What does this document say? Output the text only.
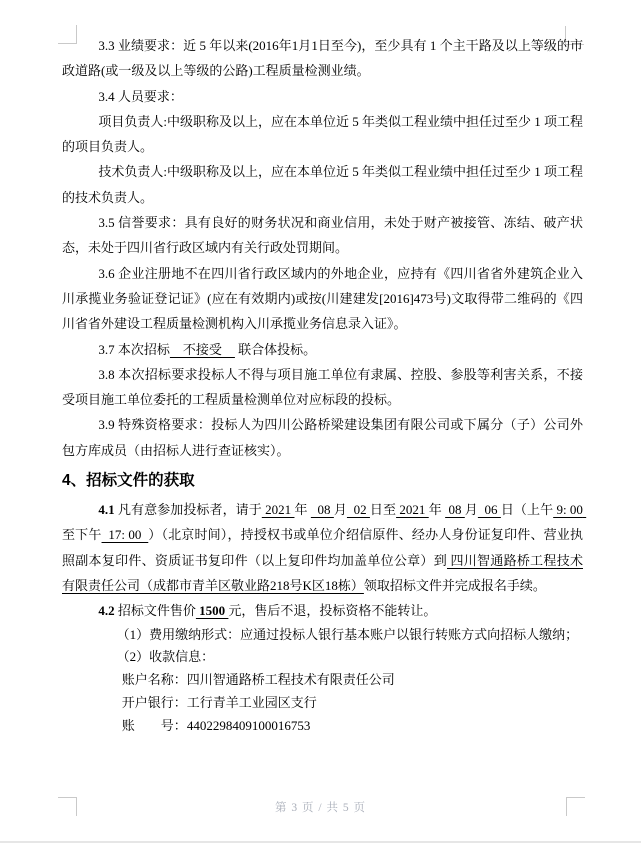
3.3 业绩要求：近 5 年以来(2016年1月1日至今)，至少具有 1 个主干路及以上等级的市政道路(或一级及以上等级的公路)工程质量检测业绩。

3.4 人员要求：

项目负责人:中级职称及以上，应在本单位近 5 年类似工程业绩中担任过至少 1 项工程的项目负责人。

技术负责人:中级职称及以上，应在本单位近 5 年类似工程业绩中担任过至少 1 项工程的技术负责人。

3.5 信誉要求：具有良好的财务状况和商业信用，未处于财产被接管、冻结、破产状态，未处于四川省行政区域内有关行政处罚期间。

3.6 企业注册地不在四川省行政区域内的外地企业，应持有《四川省省外建筑企业入川承揽业务验证登记证》(应在有效期内)或按(川建建发[2016]473号)文取得带二维码的《四川省省外建设工程质量检测机构入川承揽业务信息录入证》。

3.7 本次招标　不接受　 联合体投标。

3.8 本次招标要求投标人不得与项目施工单位有隶属、控股、参股等利害关系，不接受项目施工单位委托的工程质量检测单位对应标段的投标。

3.9 特殊资格要求：投标人为四川公路桥梁建设集团有限公司或下属分（子）公司外包方库成员（由招标人进行查证核实）。

4、招标文件的获取

4.1 凡有意参加投标者，请于 2021 年   08 月  02 日至 2021 年  08 月  06 日（上午 9: 00  至下午  17: 00  ）（北京时间），持授权书或单位介绍信原件、经办人身份证复印件、营业执照副本复印件、资质证书复印件（以上复印件均加盖单位公章）到 四川智通路桥工程技术有限责任公司（成都市青羊区敬业路218号K区18栋）领取招标文件并完成报名手续。

4.2 招标文件售价 1500 元，售后不退，投标资格不能转让。

（1）费用缴纳形式：应通过投标人银行基本账户以银行转账方式向招标人缴纳；

（2）收款信息：

账户名称：四川智通路桥工程技术有限责任公司

开户银行：工行青羊工业园区支行

账　　号：4402298409100016753

第 3 页 / 共 5 页
